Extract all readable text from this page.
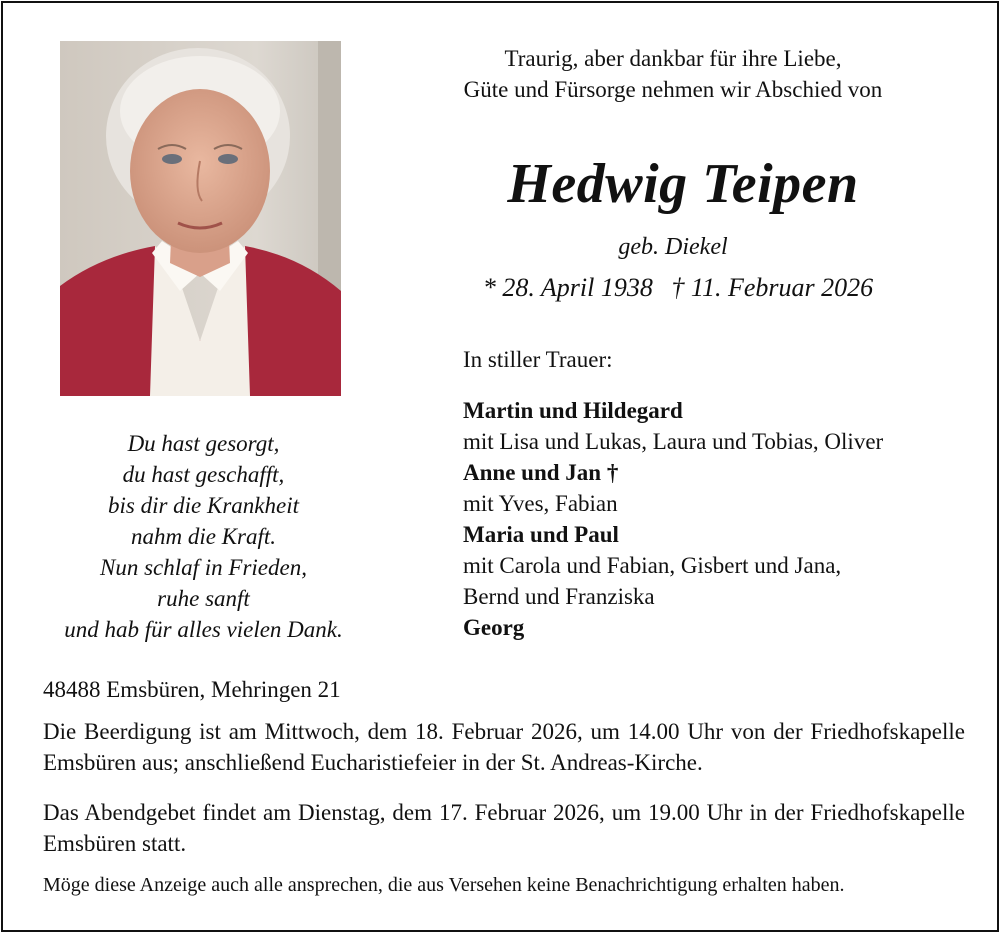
Traurig, aber dankbar für ihre Liebe,
Güte und Fürsorge nehmen wir Abschied von
Hedwig Teipen
geb. Diekel
* 28. April 1938 † 11. Februar 2026
Du hast gesorgt,
du hast geschafft,
bis dir die Krankheit
nahm die Kraft.
Nun schlaf in Frieden,
ruhe sanft
und hab für alles vielen Dank.
In stiller Trauer:
Martin und Hildegard
mit Lisa und Lukas, Laura und Tobias, Oliver
Anne und Jan †
mit Yves, Fabian
Maria und Paul
mit Carola und Fabian, Gisbert und Jana,
Bernd und Franziska
Georg
48488 Emsbüren, Mehringen 21
Die Beerdigung ist am Mittwoch, dem 18. Februar 2026, um 14.00 Uhr von der Friedhofskapelle Emsbüren aus; anschließend Eucharistiefeier in der St. Andreas-Kirche.
Das Abendgebet findet am Dienstag, dem 17. Februar 2026, um 19.00 Uhr in der Friedhofskapelle Emsbüren statt.
Möge diese Anzeige auch alle ansprechen, die aus Versehen keine Benachrichtigung erhalten haben.
